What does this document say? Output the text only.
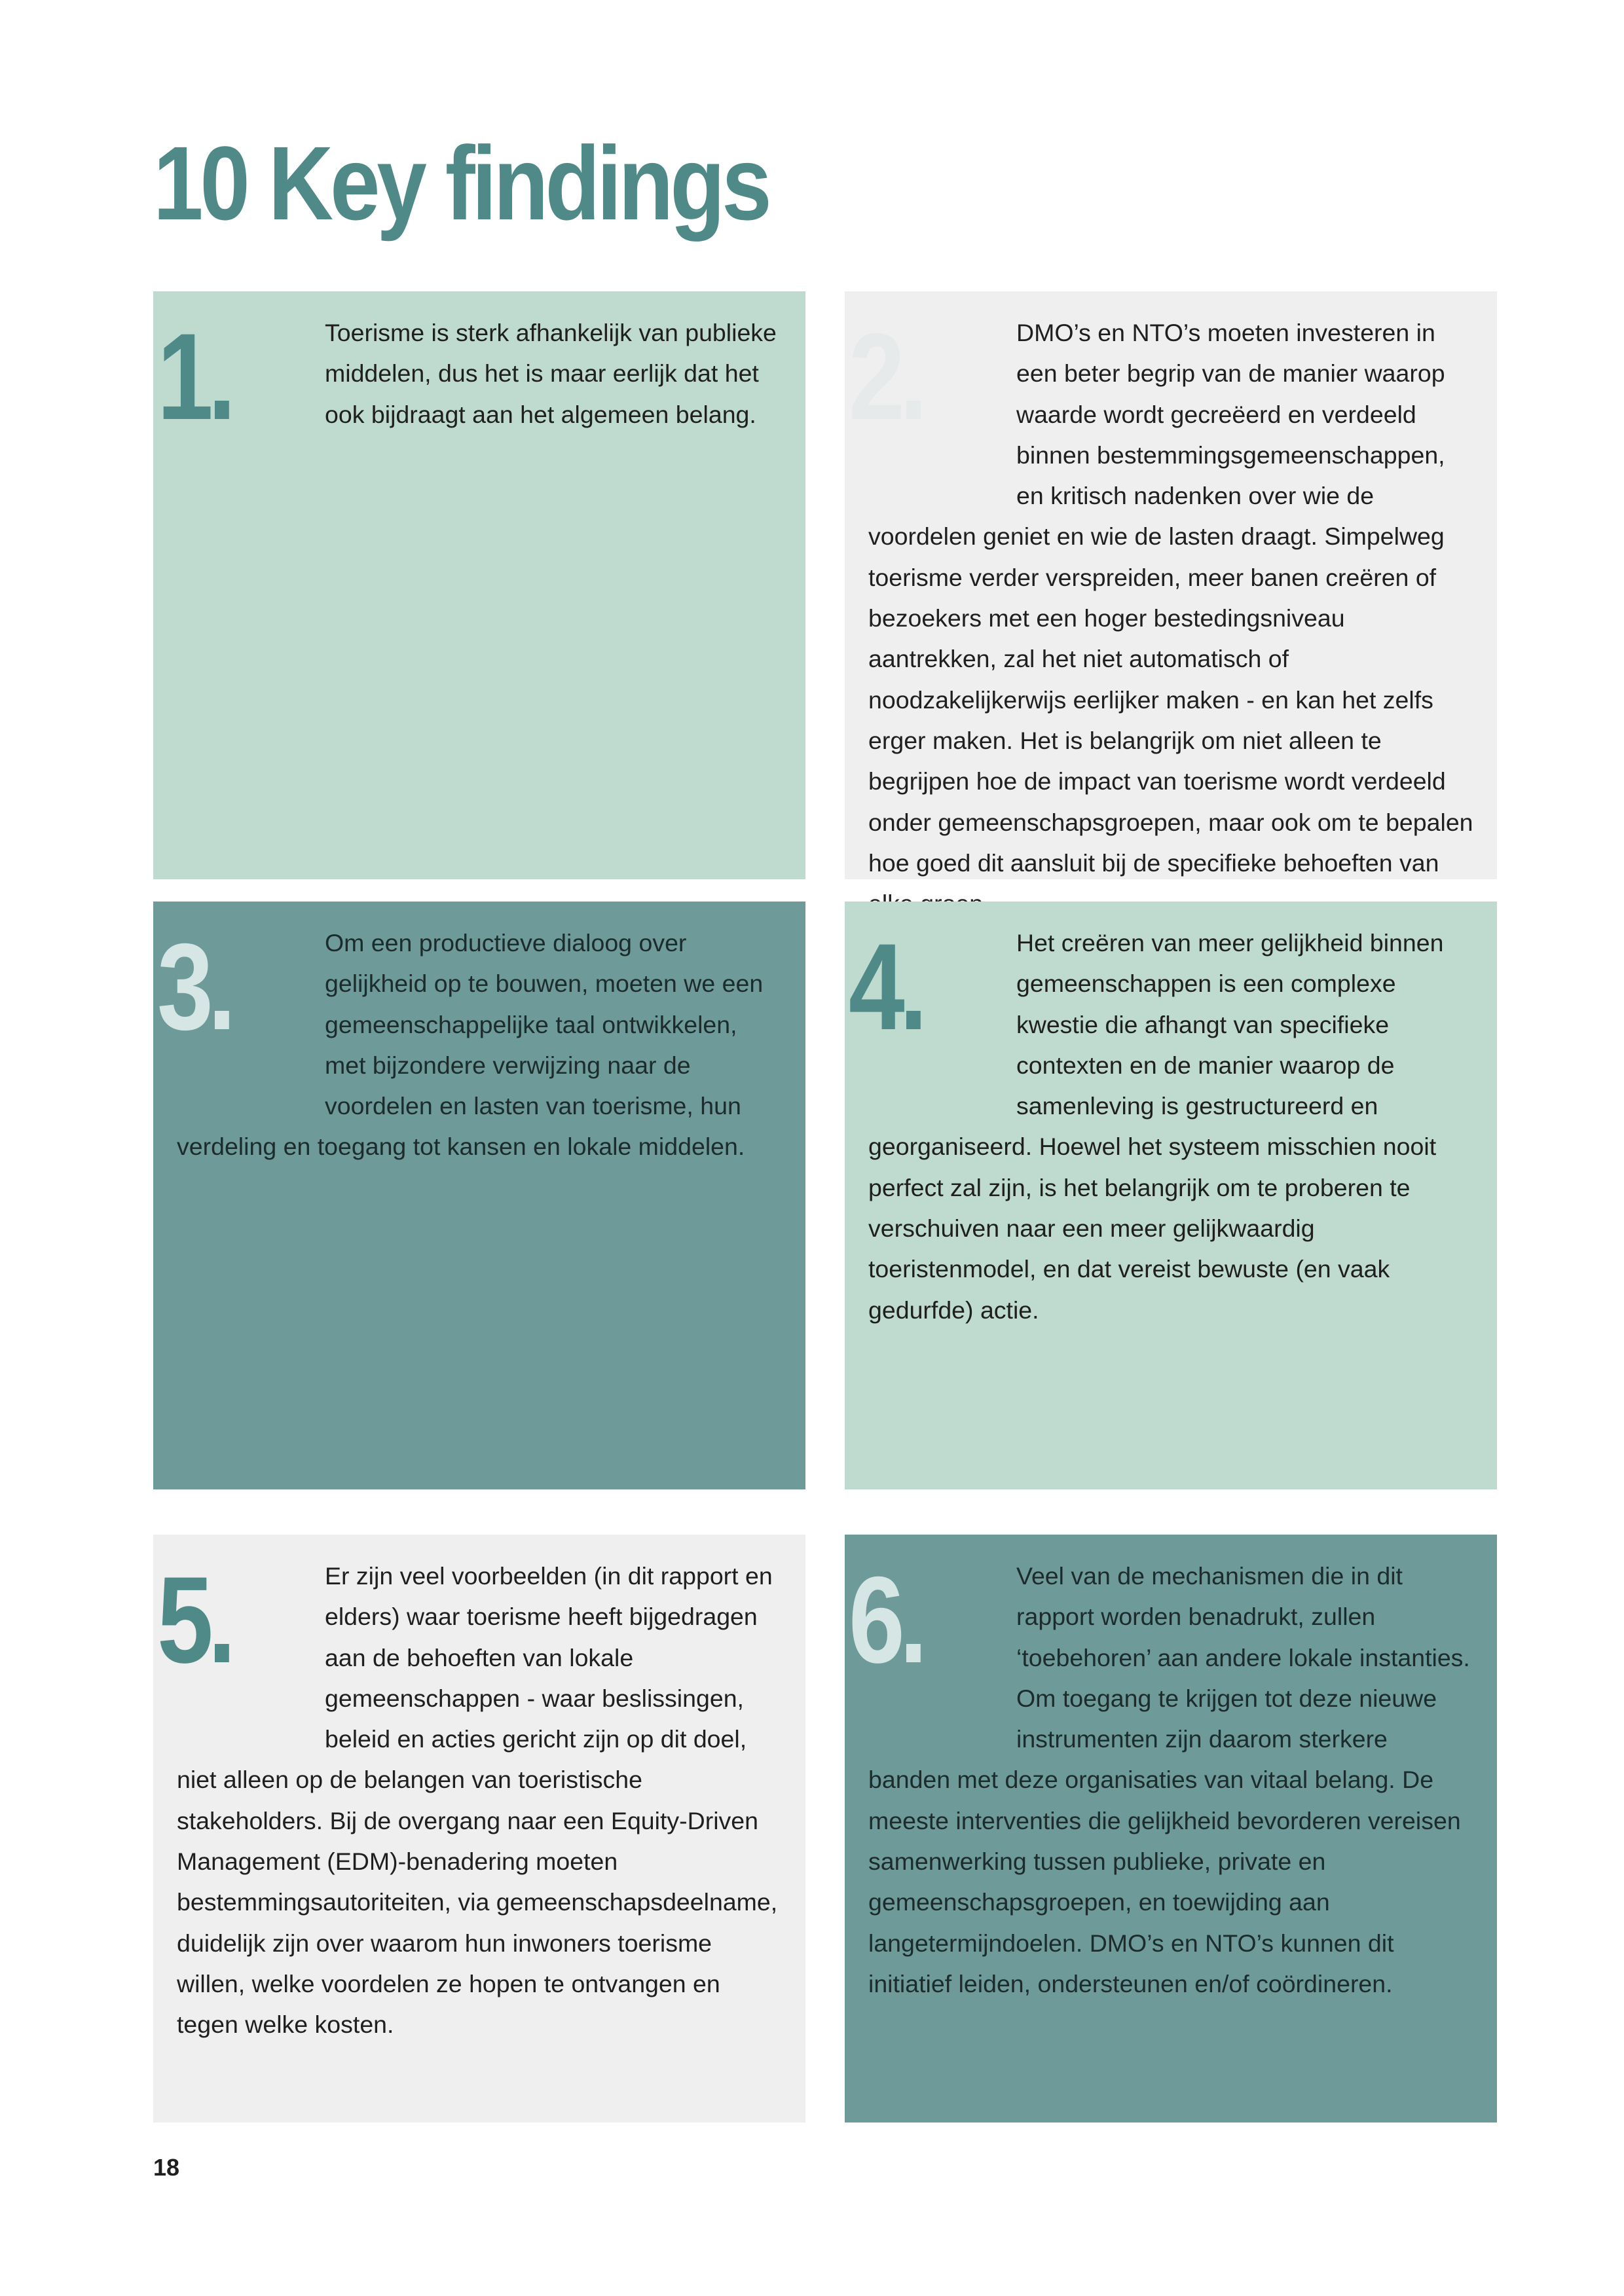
10 Key findings
1.	Toerisme is sterk afhankelijk van publieke middelen, dus het is maar eerlijk dat het ook bijdraagt aan het algemeen belang. 2.	DMO’s en NTO’s moeten investeren in een beter begrip van de manier waarop waarde wordt gecreëerd en verdeeld binnen bestemmingsgemeenschappen, en kritisch nadenken over wie de voordelen geniet en wie de lasten draagt. Simpelweg toerisme verder verspreiden, meer banen creëren of bezoekers met een hoger bestedingsniveau aantrekken, zal het niet automatisch of noodzakelijkerwijs eerlijker maken - en kan het zelfs erger maken. Het is belangrijk om niet alleen te begrijpen hoe de impact van toerisme wordt verdeeld onder gemeenschapsgroepen, maar ook om te bepalen hoe goed dit aansluit bij de specifieke behoeften van

3.	Om een productieve dialoog over gelijkheid op te bouwen, moeten we een gemeenschappelijke taal ontwikkelen, met bijzondere verwijzing naar de voordelen en lasten van toerisme, hun verdeling en toegang tot kansen en lokale middelen.

4.	Het creëren van meer gelijkheid binnen gemeenschappen is een complexe kwestie die afhangt van specifieke contexten en de manier waarop de samenleving is gestructureerd en georganiseerd. Hoewel het systeem misschien nooit perfect zal zijn, is het belangrijk om te proberen te verschuiven naar een meer gelijkwaardig toeristenmodel, en dat vereist bewuste (en vaak gedurfde) actie.

5.	Er zijn veel voorbeelden (in dit rapport en elders) waar toerisme heeft bijgedragen aan de behoeften van lokale gemeenschappen - waar beslissingen, beleid en acties gericht zijn op dit doel, niet alleen op de belangen van toeristische stakeholders. Bij de overgang naar een Equity-Driven Management (EDM)-benadering moeten bestemmingsautoriteiten, via gemeenschapsdeelname, duidelijk zijn over waarom hun inwoners toerisme willen, welke voordelen ze hopen te ontvangen en tegen welke kosten.

6.	Veel van de mechanismen die in dit rapport worden benadrukt, zullen ‘toebehoren’ aan andere lokale instanties. Om toegang te krijgen tot deze nieuwe instrumenten zijn daarom sterkere banden met deze organisaties van vitaal belang. De meeste interventies die gelijkheid bevorderen vereisen samenwerking tussen publieke, private en gemeenschapsgroepen, en toewijding aan langetermijndoelen. DMO’s en NTO’s kunnen dit initiatief leiden, ondersteunen en/of coördineren.

18
